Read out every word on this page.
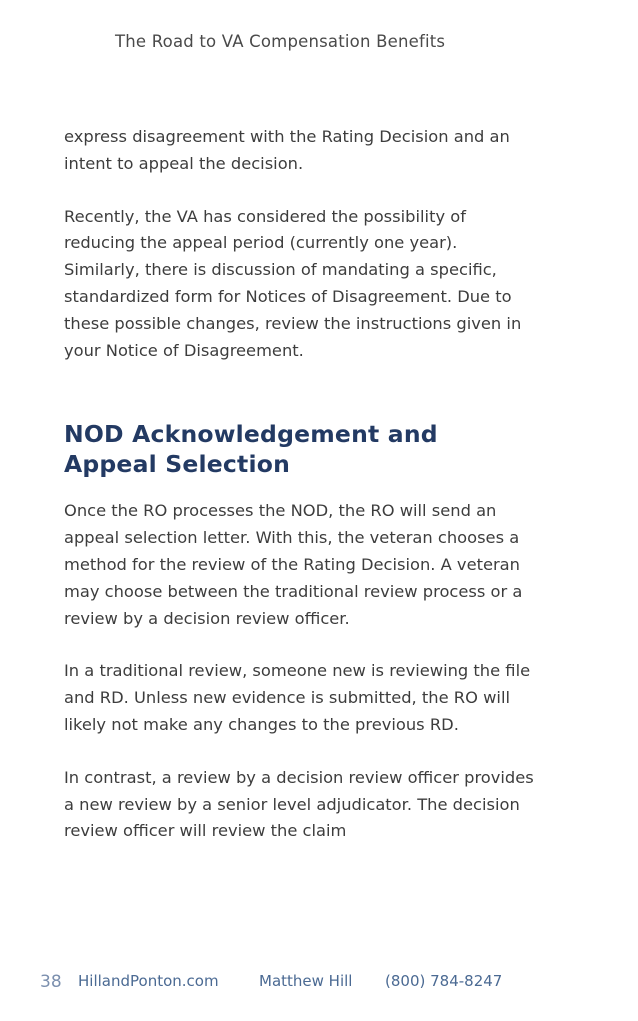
The Road to VA Compensation Benefits

express disagreement with the Rating Decision and an intent to appeal the decision.

Recently, the VA has considered the possibility of reducing the appeal period (currently one year). Similarly, there is discussion of mandating a specific, standardized form for Notices of Disagreement. Due to these possible changes, review the instructions given in your Notice of Disagreement.

NOD Acknowledgement and
Appeal Selection

Once the RO processes the NOD, the RO will send an appeal selection letter. With this, the veteran chooses a method for the review of the Rating Decision. A veteran may choose between the traditional review process or a review by a decision review officer.

In a traditional review, someone new is reviewing the file and RD. Unless new evidence is submitted, the RO will likely not make any changes to the previous RD.

In contrast, a review by a decision review officer provides a new review by a senior level adjudicator. The decision review officer will review the claim

38 HillandPonton.com	Matthew Hill (800) 784-8247
